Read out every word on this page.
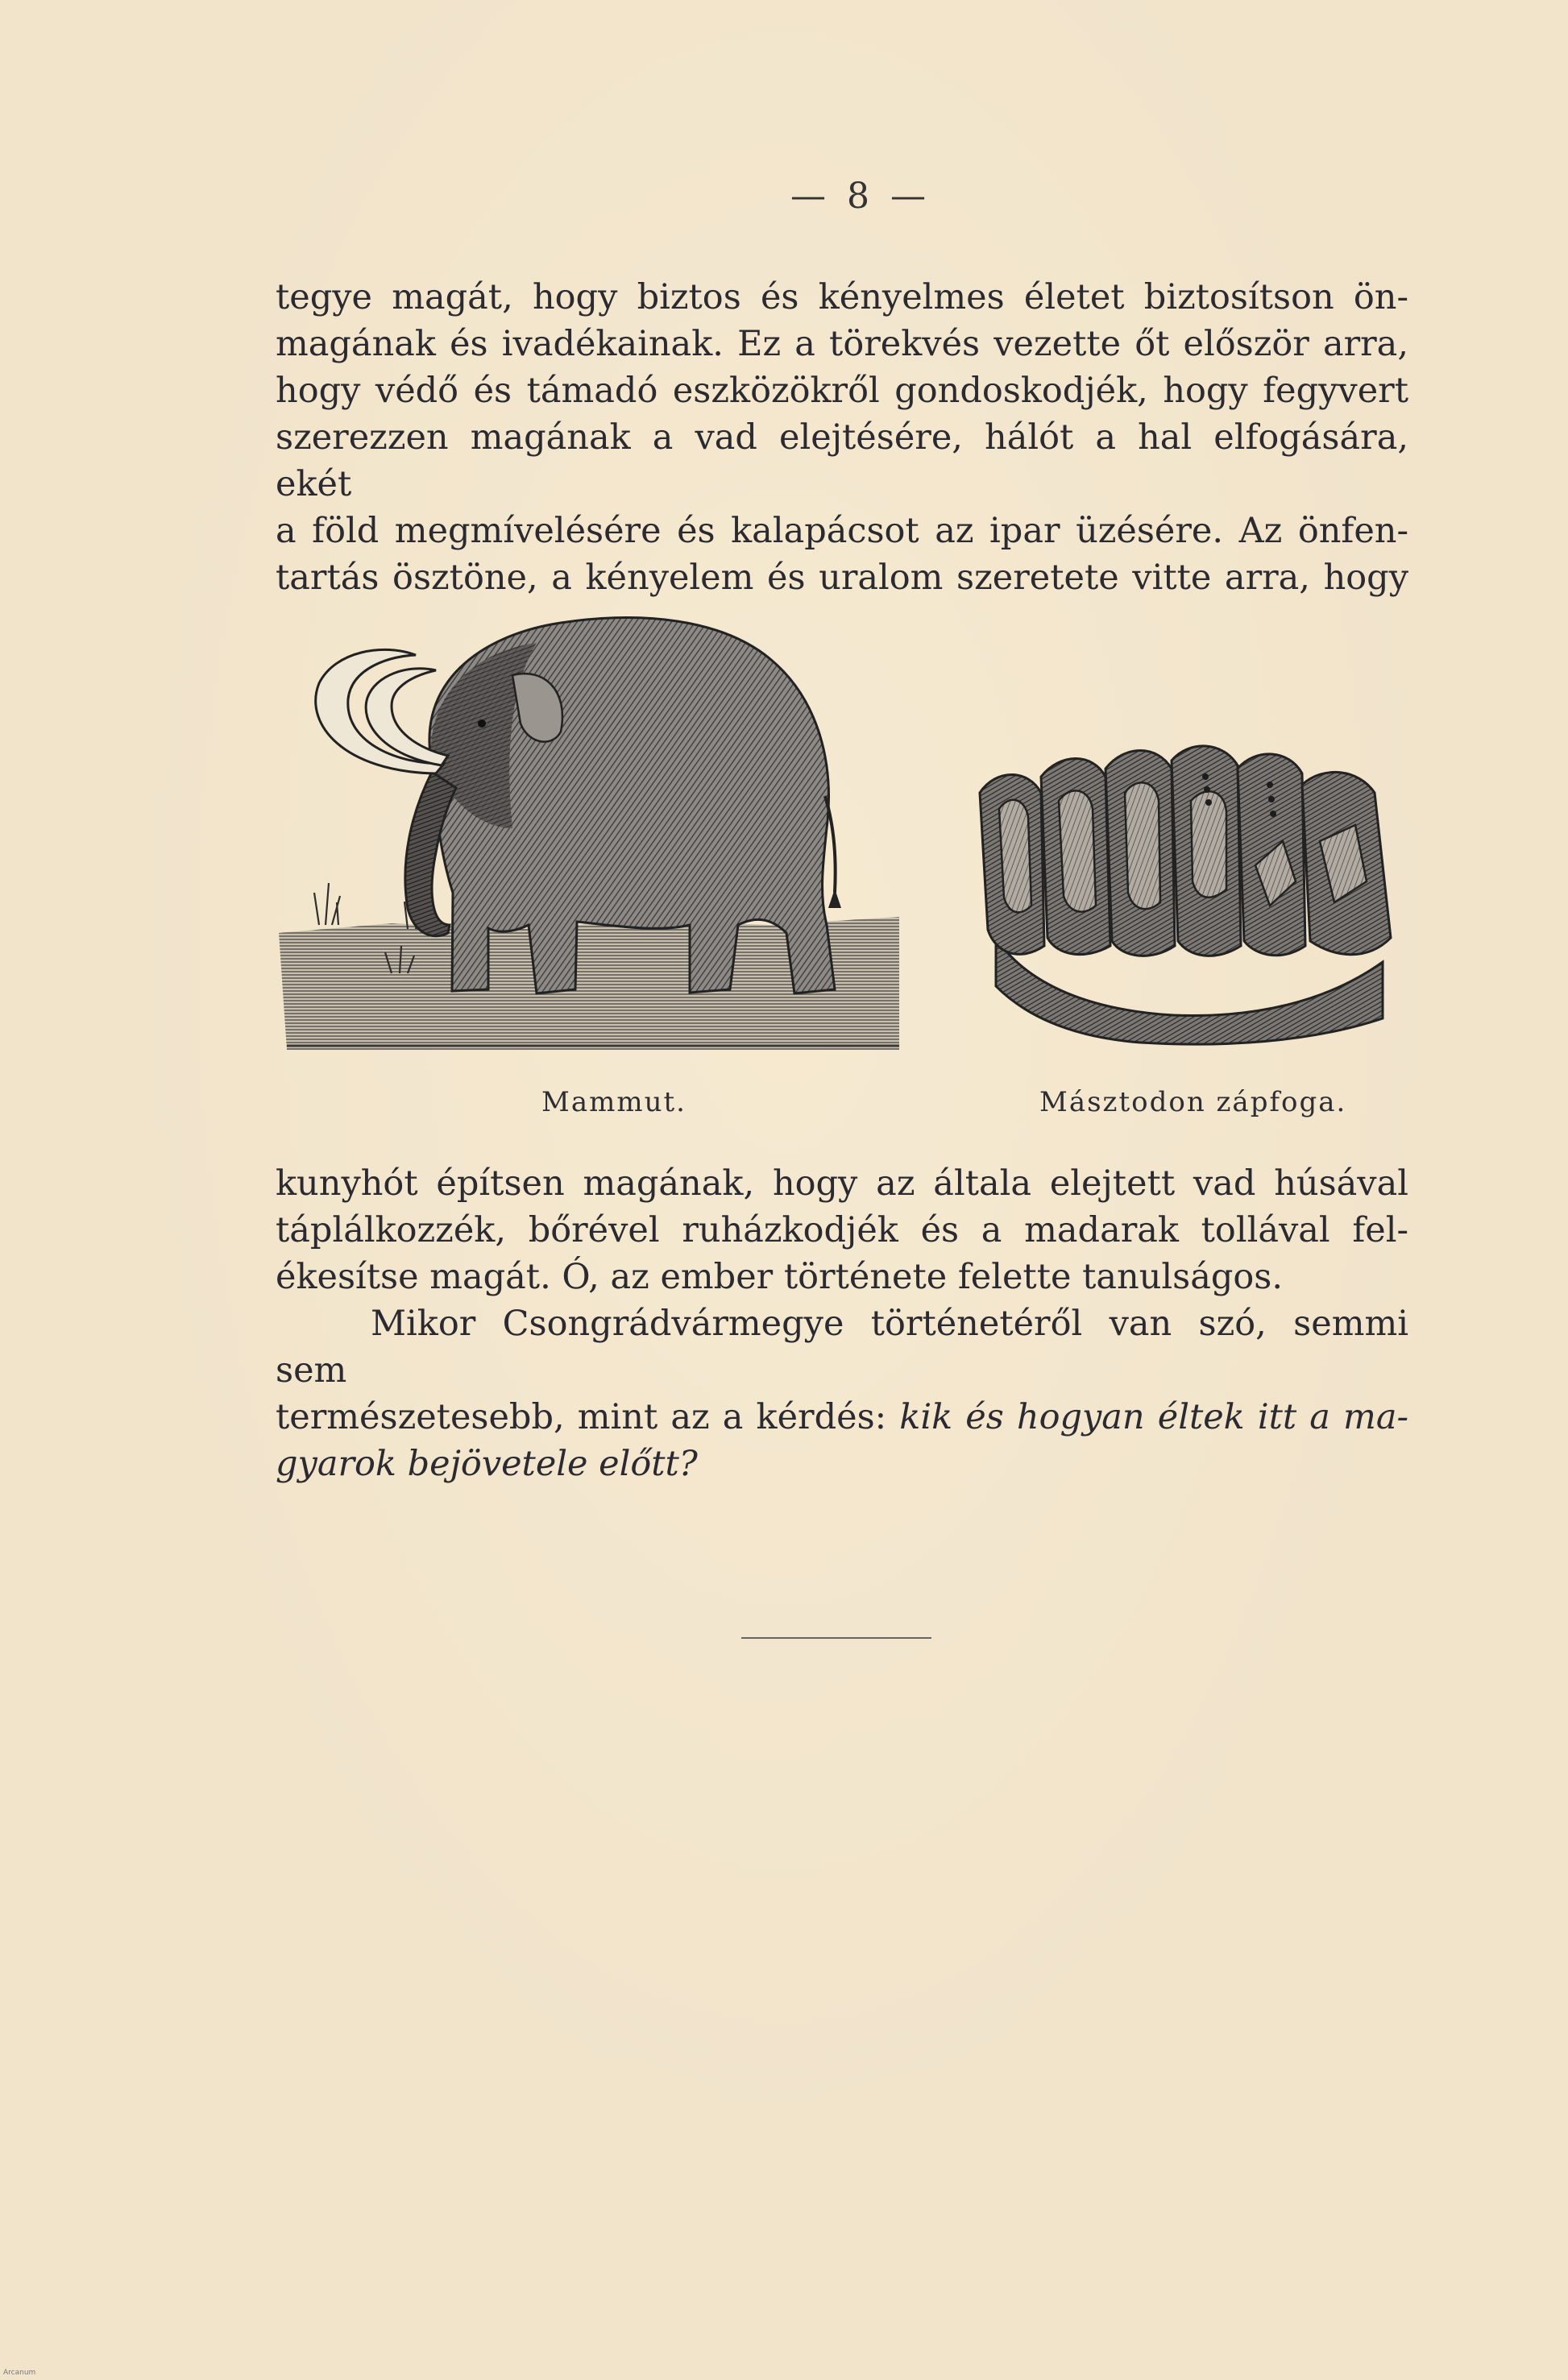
— 8 —

tegye magát, hogy biztos és kényelmes életet biztosítson ön-

magának és ivadékainak. Ez a törekvés vezette őt először arra,

hogy védő és támadó eszközökről gondoskodjék, hogy fegyvert

szerezzen magának a vad elejtésére, hálót a hal elfogására, ekét

a föld megmívelésére és kalapácsot az ipar üzésére. Az önfen-

tartás ösztöne, a kényelem és uralom szeretete vitte arra, hogy

Mammut.	Másztodon zápfoga.

kunyhót építsen magának, hogy az általa elejtett vad húsával

táplálkozzék, bőrével ruházkodjék és a madarak tollával fel-

ékesítse magát. Ó, az ember története felette tanulságos.

Mikor Csongrádvármegye történetéről van szó, semmi sem

természetesebb, mint az a kérdés: kik és hogyan éltek itt a ma-

gyarok bejövetele előtt?

Arcanum
